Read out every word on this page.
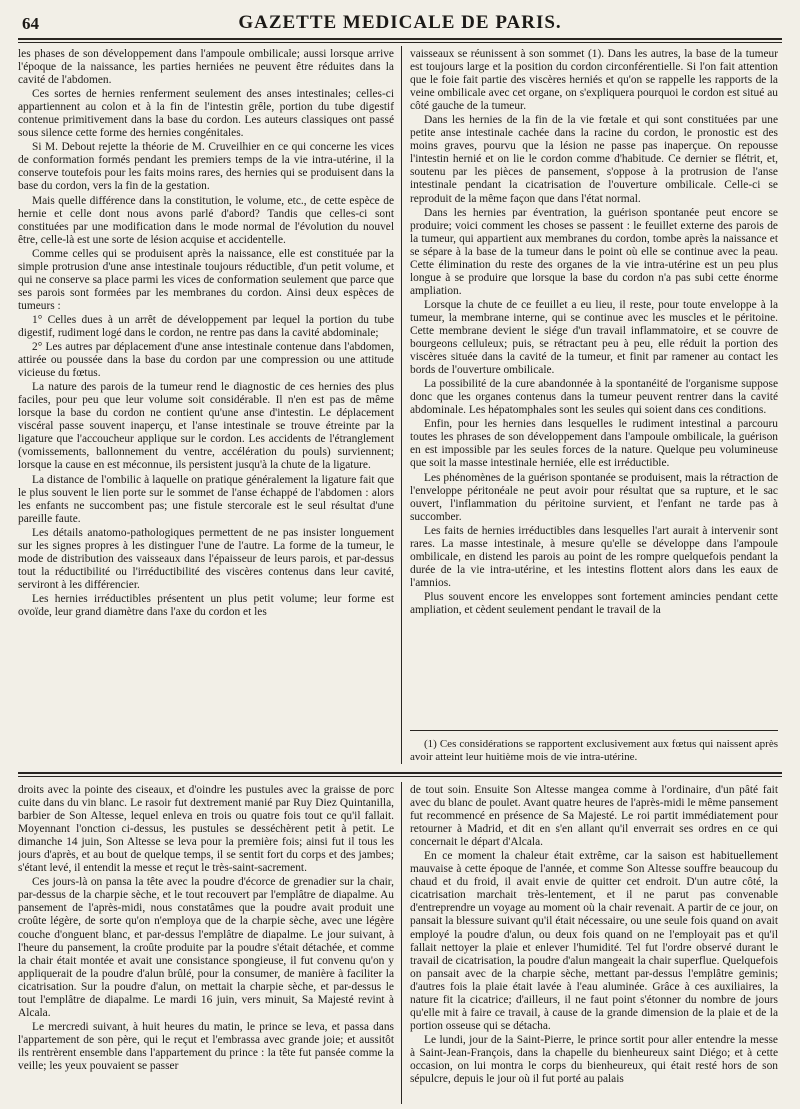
64	GAZETTE MEDICALE DE PARIS.

les phases de son développement dans l'ampoule ombilicale; aussi lorsque arrive l'époque de la naissance, les parties herniées ne peuvent être réduites dans la cavité de l'abdomen.

Ces sortes de hernies renferment seulement des anses intestinales; celles-ci appartiennent au colon et à la fin de l'intestin grêle, portion du tube digestif contenue primitivement dans la base du cordon. Les auteurs classiques ont passé sous silence cette forme des hernies congénitales.

Si M. Debout rejette la théorie de M. Cruveilhier en ce qui concerne les vices de conformation formés pendant les premiers temps de la vie intra-utérine, il la conserve toutefois pour les faits moins rares, des hernies qui se produisent dans la base du cordon, vers la fin de la gestation.

Mais quelle différence dans la constitution, le volume, etc., de cette espèce de hernie et celle dont nous avons parlé d'abord? Tandis que celles-ci sont constituées par une modification dans le mode normal de l'évolution du nouvel être, celle-là est une sorte de lésion acquise et accidentelle.

Comme celles qui se produisent après la naissance, elle est constituée par la simple protrusion d'une anse intestinale toujours réductible, d'un petit volume, et qui ne conserve sa place parmi les vices de conformation seulement que parce que ses parois sont formées par les membranes du cordon. Ainsi deux espèces de tumeurs :

1° Celles dues à un arrêt de développement par lequel la portion du tube digestif, rudiment logé dans le cordon, ne rentre pas dans la cavité abdominale;

2° Les autres par déplacement d'une anse intestinale contenue dans l'abdomen, attirée ou poussée dans la base du cordon par une compression ou une attitude vicieuse du fœtus.

La nature des parois de la tumeur rend le diagnostic de ces hernies des plus faciles, pour peu que leur volume soit considérable. Il n'en est pas de même lorsque la base du cordon ne contient qu'une anse d'intestin. Le déplacement viscéral passe souvent inaperçu, et l'anse intestinale se trouve étreinte par la ligature que l'accoucheur applique sur le cordon. Les accidents de l'étranglement (vomissements, ballonnement du ventre, accélération du pouls) surviennent; lorsque la cause en est méconnue, ils persistent jusqu'à la chute de la ligature.

La distance de l'ombilic à laquelle on pratique généralement la ligature fait que le plus souvent le lien porte sur le sommet de l'anse échappé de l'abdomen : alors les enfants ne succombent pas; une fistule stercorale est le seul résultat d'une pareille faute.

Les détails anatomo-pathologiques permettent de ne pas insister longuement sur les signes propres à les distinguer l'une de l'autre. La forme de la tumeur, le mode de distribution des vaisseaux dans l'épaisseur de leurs parois, et par-dessus tout la réductibilité ou l'irréductibilité des viscères contenus dans leur cavité, serviront à les différencier.

Les hernies irréductibles présentent un plus petit volume; leur forme est ovoïde, leur grand diamètre dans l'axe du cordon et les

vaisseaux se réunissent à son sommet (1). Dans les autres, la base de la tumeur est toujours large et la position du cordon circonférentielle. Si l'on fait attention que le foie fait partie des viscères herniés et qu'on se rappelle les rapports de la veine ombilicale avec cet organe, on s'expliquera pourquoi le cordon est situé au côté gauche de la tumeur.

Dans les hernies de la fin de la vie fœtale et qui sont constituées par une petite anse intestinale cachée dans la racine du cordon, le pronostic est des moins graves, pourvu que la lésion ne passe pas inaperçue. On repousse l'intestin hernié et on lie le cordon comme d'habitude. Ce dernier se flétrit, et, soutenu par les pièces de pansement, s'oppose à la protrusion de l'anse intestinale pendant la cicatrisation de l'ouverture ombilicale. Celle-ci se reproduit de la même façon que dans l'état normal.

Dans les hernies par éventration, la guérison spontanée peut encore se produire; voici comment les choses se passent : le feuillet externe des parois de la tumeur, qui appartient aux membranes du cordon, tombe après la naissance et se sépare à la base de la tumeur dans le point où elle se continue avec la peau. Cette élimination du reste des organes de la vie intra-utérine est un peu plus longue à se produire que lorsque la base du cordon n'a pas subi cette énorme ampliation.

Lorsque la chute de ce feuillet a eu lieu, il reste, pour toute enveloppe à la tumeur, la membrane interne, qui se continue avec les muscles et le péritoine. Cette membrane devient le siége d'un travail inflammatoire, et se couvre de bourgeons celluleux; puis, se rétractant peu à peu, elle réduit la portion des viscères située dans la cavité de la tumeur, et finit par ramener au contact les bords de l'ouverture ombilicale.

La possibilité de la cure abandonnée à la spontanéité de l'organisme suppose donc que les organes contenus dans la tumeur peuvent rentrer dans la cavité abdominale. Les hépatomphales sont les seules qui soient dans ces conditions.

Enfin, pour les hernies dans lesquelles le rudiment intestinal a parcouru toutes les phrases de son développement dans l'ampoule ombilicale, la guérison en est impossible par les seules forces de la nature. Quelque peu volumineuse que soit la masse intestinale herniée, elle est irréductible.

Les phénomènes de la guérison spontanée se produisent, mais la rétraction de l'enveloppe péritonéale ne peut avoir pour résultat que sa rupture, et le sac ouvert, l'inflammation du péritoine survient, et l'enfant ne tarde pas à succomber.

Les faits de hernies irréductibles dans lesquelles l'art aurait à intervenir sont rares. La masse intestinale, à mesure qu'elle se développe dans l'ampoule ombilicale, en distend les parois au point de les rompre quelquefois pendant la durée de la vie intra-utérine, et les intestins flottent alors dans les eaux de l'amnios.

Plus souvent encore les enveloppes sont fortement amincies pendant cette ampliation, et cèdent seulement pendant le travail de la

(1) Ces considérations se rapportent exclusivement aux fœtus qui naissent après avoir atteint leur huitième mois de vie intra-utérine.

droits avec la pointe des ciseaux, et d'oindre les pustules avec la graisse de porc cuite dans du vin blanc. Le rasoir fut dextrement manié par Ruy Diez Quintanilla, barbier de Son Altesse, lequel enleva en trois ou quatre fois tout ce qu'il fallait. Moyennant l'onction ci-dessus, les pustules se desséchèrent petit à petit. Le dimanche 14 juin, Son Altesse se leva pour la première fois; ainsi fut il tous les jours d'après, et au bout de quelque temps, il se sentit fort du corps et des jambes; s'étant levé, il entendit la messe et reçut le très-saint-sacrement.

Ces jours-là on pansa la tête avec la poudre d'écorce de grenadier sur la chair, par-dessus de la charpie sèche, et le tout recouvert par l'emplâtre de diapalme. Au pansement de l'après-midi, nous constatâmes que la poudre avait produit une croûte légère, de sorte qu'on n'employa que de la charpie sèche, avec une légère couche d'onguent blanc, et par-dessus l'emplâtre de diapalme. Le jour suivant, à l'heure du pansement, la croûte produite par la poudre s'était détachée, et comme la chair était montée et avait une consistance spongieuse, il fut convenu qu'on y appliquerait de la poudre d'alun brûlé, pour la consumer, de manière à faciliter la cicatrisation. Sur la poudre d'alun, on mettait la charpie sèche, et par-dessus le tout l'emplâtre de diapalme. Le mardi 16 juin, vers minuit, Sa Majesté revint à Alcala.

Le mercredi suivant, à huit heures du matin, le prince se leva, et passa dans l'appartement de son père, qui le reçut et l'embrassa avec grande joie; et aussitôt ils rentrèrent ensemble dans l'appartement du prince : la tête fut pansée comme la veille; les yeux pouvaient se passer

de tout soin. Ensuite Son Altesse mangea comme à l'ordinaire, d'un pâté fait avec du blanc de poulet. Avant quatre heures de l'après-midi le même pansement fut recommencé en présence de Sa Majesté. Le roi partit immédiatement pour retourner à Madrid, et dit en s'en allant qu'il enverrait ses ordres en ce qui concernait le départ d'Alcala.

En ce moment la chaleur était extrême, car la saison est habituellement mauvaise à cette époque de l'année, et comme Son Altesse souffre beaucoup du chaud et du froid, il avait envie de quitter cet endroit. D'un autre côté, la cicatrisation marchait très-lentement, et il ne parut pas convenable d'entreprendre un voyage au moment où la chair revenait. A partir de ce jour, on pansait la blessure suivant qu'il était nécessaire, ou une seule fois quand on avait employé la poudre d'alun, ou deux fois quand on ne l'employait pas et qu'il fallait nettoyer la plaie et enlever l'humidité. Tel fut l'ordre observé durant le travail de cicatrisation, la poudre d'alun mangeait la chair superflue. Quelquefois on pansait avec de la charpie sèche, mettant par-dessus l'emplâtre geminis; d'autres fois la plaie était lavée à l'eau aluminée. Grâce à ces auxiliaires, la nature fit la cicatrice; d'ailleurs, il ne faut point s'étonner du nombre de jours qu'elle mit à faire ce travail, à cause de la grande dimension de la plaie et de la portion osseuse qui se détacha.

Le lundi, jour de la Saint-Pierre, le prince sortit pour aller entendre la messe à Saint-Jean-François, dans la chapelle du bienheureux saint Diégo; et à cette occasion, on lui montra le corps du bienheureux, qui était resté hors de son sépulcre, depuis le jour où il fut porté au palais
